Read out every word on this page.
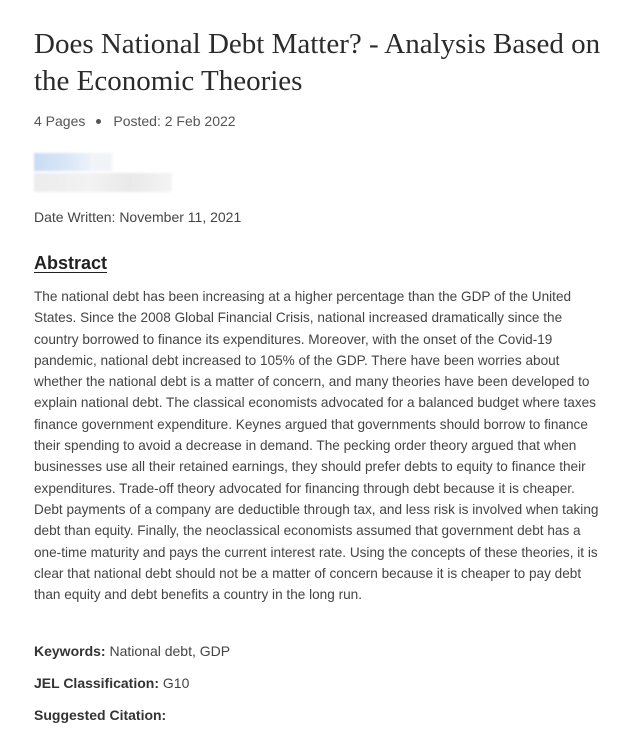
Does National Debt Matter? - Analysis Based on the Economic Theories
4 Pages Posted: 2 Feb 2022
Date Written: November 11, 2021
Abstract

The national debt has been increasing at a higher percentage than the GDP of the United States. Since the 2008 Global Financial Crisis, national increased dramatically since the country borrowed to finance its expenditures. Moreover, with the onset of the Covid-19 pandemic, national debt increased to 105% of the GDP. There have been worries about whether the national debt is a matter of concern, and many theories have been developed to explain national debt. The classical economists advocated for a balanced budget where taxes finance government expenditure. Keynes argued that governments should borrow to finance their spending to avoid a decrease in demand. The pecking order theory argued that when businesses use all their retained earnings, they should prefer debts to equity to finance their expenditures. Trade-off theory advocated for financing through debt because it is cheaper. Debt payments of a company are deductible through tax, and less risk is involved when taking debt than equity. Finally, the neoclassical economists assumed that government debt has a one-time maturity and pays the current interest rate. Using the concepts of these theories, it is clear that national debt should not be a matter of concern because it is cheaper to pay debt than equity and debt benefits a country in the long run.

Keywords: National debt, GDP
JEL Classification: G10
Suggested Citation:
